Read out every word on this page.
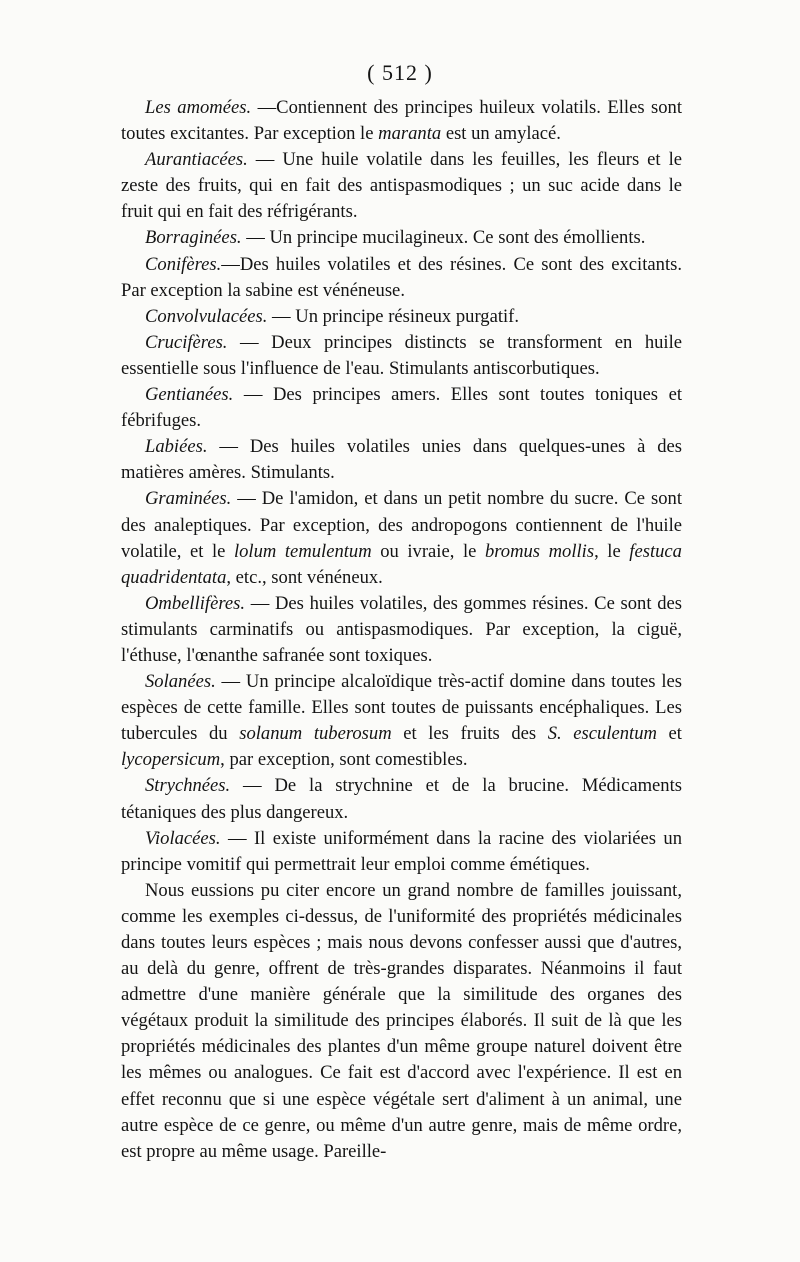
( 512 )

Les amomées. —Contiennent des principes huileux volatils. Elles sont toutes excitantes. Par exception le maranta est un amylacé.

Aurantiacées. — Une huile volatile dans les feuilles, les fleurs et le zeste des fruits, qui en fait des antispasmodiques ; un suc acide dans le fruit qui en fait des réfrigérants.

Borraginées. — Un principe mucilagineux. Ce sont des émollients.

Conifères.—Des huiles volatiles et des résines. Ce sont des excitants. Par exception la sabine est vénéneuse.

Convolvulacées. — Un principe résineux purgatif.

Crucifères. — Deux principes distincts se transforment en huile essentielle sous l'influence de l'eau. Stimulants antiscorbutiques.

Gentianées. — Des principes amers. Elles sont toutes toniques et fébrifuges.

Labiées. — Des huiles volatiles unies dans quelques-unes à des matières amères. Stimulants.

Graminées. — De l'amidon, et dans un petit nombre du sucre. Ce sont des analeptiques. Par exception, des andropogons contiennent de l'huile volatile, et le lolum temulentum ou ivraie, le bromus mollis, le festuca quadridentata, etc., sont vénéneux.

Ombellifères. — Des huiles volatiles, des gommes résines. Ce sont des stimulants carminatifs ou antispasmodiques. Par exception, la ciguë, l'éthuse, l'œnanthe safranée sont toxiques.

Solanées. — Un principe alcaloïdique très-actif domine dans toutes les espèces de cette famille. Elles sont toutes de puissants encéphaliques. Les tubercules du solanum tuberosum et les fruits des S. esculentum et lycopersicum, par exception, sont comestibles.

Strychnées. — De la strychnine et de la brucine. Médicaments tétaniques des plus dangereux.

Violacées. — Il existe uniformément dans la racine des violariées un principe vomitif qui permettrait leur emploi comme émétiques.

Nous eussions pu citer encore un grand nombre de familles jouissant, comme les exemples ci-dessus, de l'uniformité des propriétés médicinales dans toutes leurs espèces ; mais nous devons confesser aussi que d'autres, au delà du genre, offrent de très-grandes disparates. Néanmoins il faut admettre d'une manière générale que la similitude des organes des végétaux produit la similitude des principes élaborés. Il suit de là que les propriétés médicinales des plantes d'un même groupe naturel doivent être les mêmes ou analogues. Ce fait est d'accord avec l'expérience. Il est en effet reconnu que si une espèce végétale sert d'aliment à un animal, une autre espèce de ce genre, ou même d'un autre genre, mais de même ordre, est propre au même usage. Pareille-
